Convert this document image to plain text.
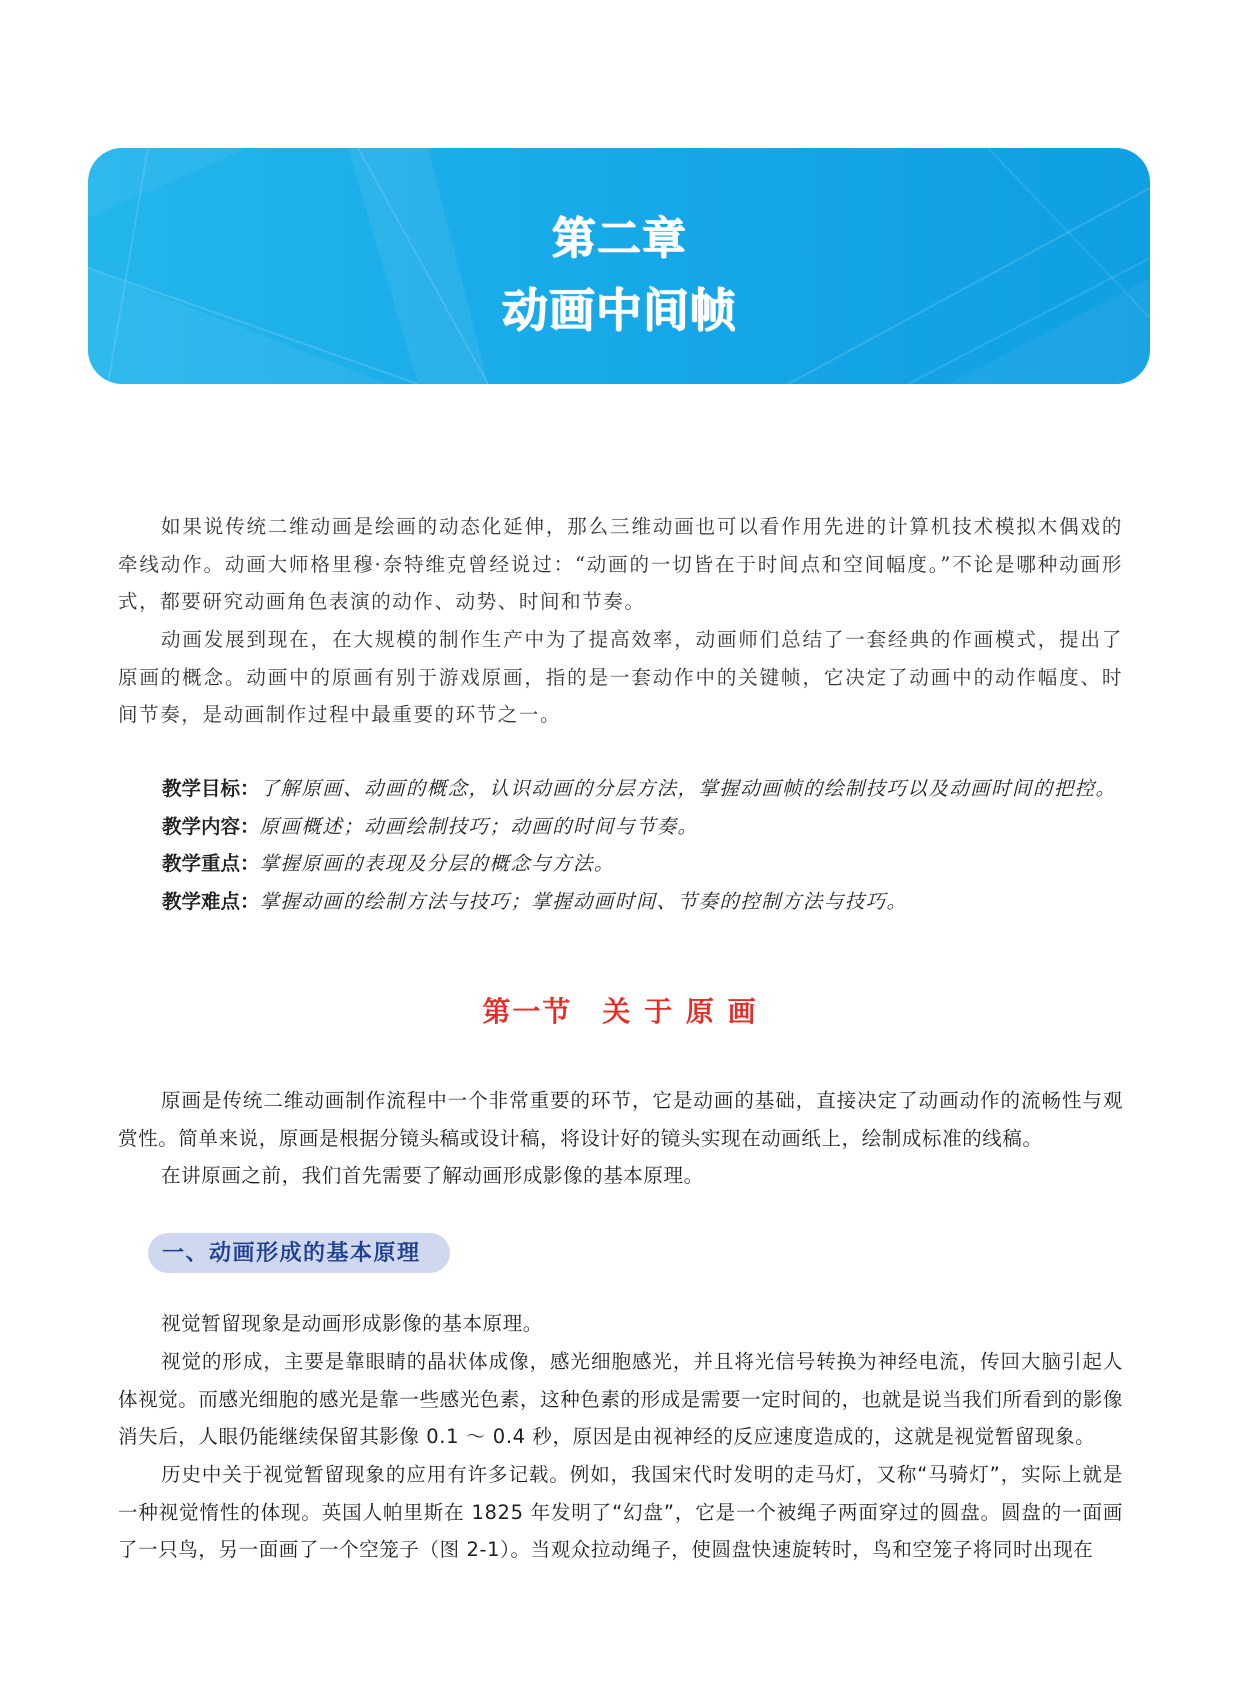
第二章
动画中间帧

如果说传统二维动画是绘画的动态化延伸，那么三维动画也可以看作用先进的计算机技术模拟木偶戏的牵线动作。动画大师格里穆·奈特维克曾经说过：“动画的一切皆在于时间点和空间幅度。”不论是哪种动画形式，都要研究动画角色表演的动作、动势、时间和节奏。

动画发展到现在，在大规模的制作生产中为了提高效率，动画师们总结了一套经典的作画模式，提出了原画的概念。动画中的原画有别于游戏原画，指的是一套动作中的关键帧，它决定了动画中的动作幅度、时间节奏，是动画制作过程中最重要的环节之一。

教学目标：了解原画、动画的概念，认识动画的分层方法，掌握动画帧的绘制技巧以及动画时间的把控。
教学内容：原画概述；动画绘制技巧；动画的时间与节奏。
教学重点：掌握原画的表现及分层的概念与方法。
教学难点：掌握动画的绘制方法与技巧；掌握动画时间、节奏的控制方法与技巧。
第一节　关 于 原 画

原画是传统二维动画制作流程中一个非常重要的环节，它是动画的基础，直接决定了动画动作的流畅性与观赏性。简单来说，原画是根据分镜头稿或设计稿，将设计好的镜头实现在动画纸上，绘制成标准的线稿。

在讲原画之前，我们首先需要了解动画形成影像的基本原理。

一、动画形成的基本原理

视觉暂留现象是动画形成影像的基本原理。

视觉的形成，主要是靠眼睛的晶状体成像，感光细胞感光，并且将光信号转换为神经电流，传回大脑引起人体视觉。而感光细胞的感光是靠一些感光色素，这种色素的形成是需要一定时间的，也就是说当我们所看到的影像消失后，人眼仍能继续保留其影像 0.1 ～ 0.4 秒，原因是由视神经的反应速度造成的，这就是视觉暂留现象。

历史中关于视觉暂留现象的应用有许多记载。例如，我国宋代时发明的走马灯，又称“马骑灯”，实际上就是一种视觉惰性的体现。英国人帕里斯在 1825 年发明了“幻盘”，它是一个被绳子两面穿过的圆盘。圆盘的一面画了一只鸟，另一面画了一个空笼子（图 2-1）。当观众拉动绳子，使圆盘快速旋转时，鸟和空笼子将同时出现在
